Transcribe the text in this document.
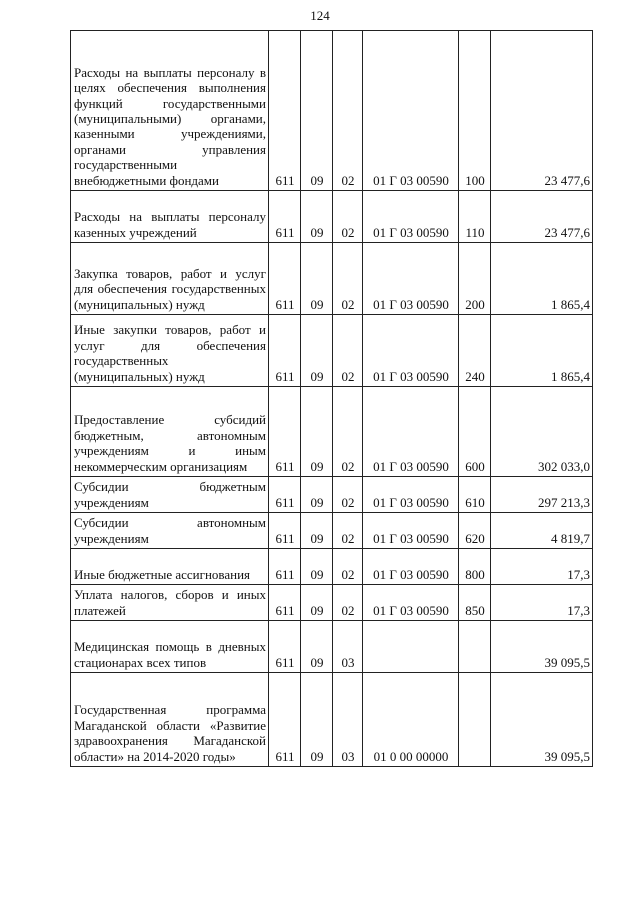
124
Расходы на выплаты персоналу в целях обеспечения выполнения функций государственными (муниципальными) органами, казенными учреждениями, органами управления государственными внебюджетными фондами	611	09	02	01 Г 03 00590	100	23 477,6
Расходы на выплаты персоналу казенных учреждений	611	09	02	01 Г 03 00590	110	23 477,6
Закупка товаров, работ и услуг для обеспечения государственных (муниципальных) нужд	611	09	02	01 Г 03 00590	200	1 865,4
Иные закупки товаров, работ и услуг для обеспечения государственных (муниципальных) нужд	611	09	02	01 Г 03 00590	240	1 865,4
Предоставление субсидий бюджетным, автономным учреждениям и иным некоммерческим организациям	611	09	02	01 Г 03 00590	600	302 033,0
Субсидии бюджетным учреждениям	611	09	02	01 Г 03 00590	610	297 213,3
Субсидии автономным учреждениям	611	09	02	01 Г 03 00590	620	4 819,7
Иные бюджетные ассигнования	611	09	02	01 Г 03 00590	800	17,3
Уплата налогов, сборов и иных платежей	611	09	02	01 Г 03 00590	850	17,3
Медицинская помощь в дневных стационарах всех типов	611	09	03			39 095,5
Государственная программа Магаданской области «Развитие здравоохранения Магаданской области» на 2014-2020 годы»	611	09	03	01 0 00 00000		39 095,5
